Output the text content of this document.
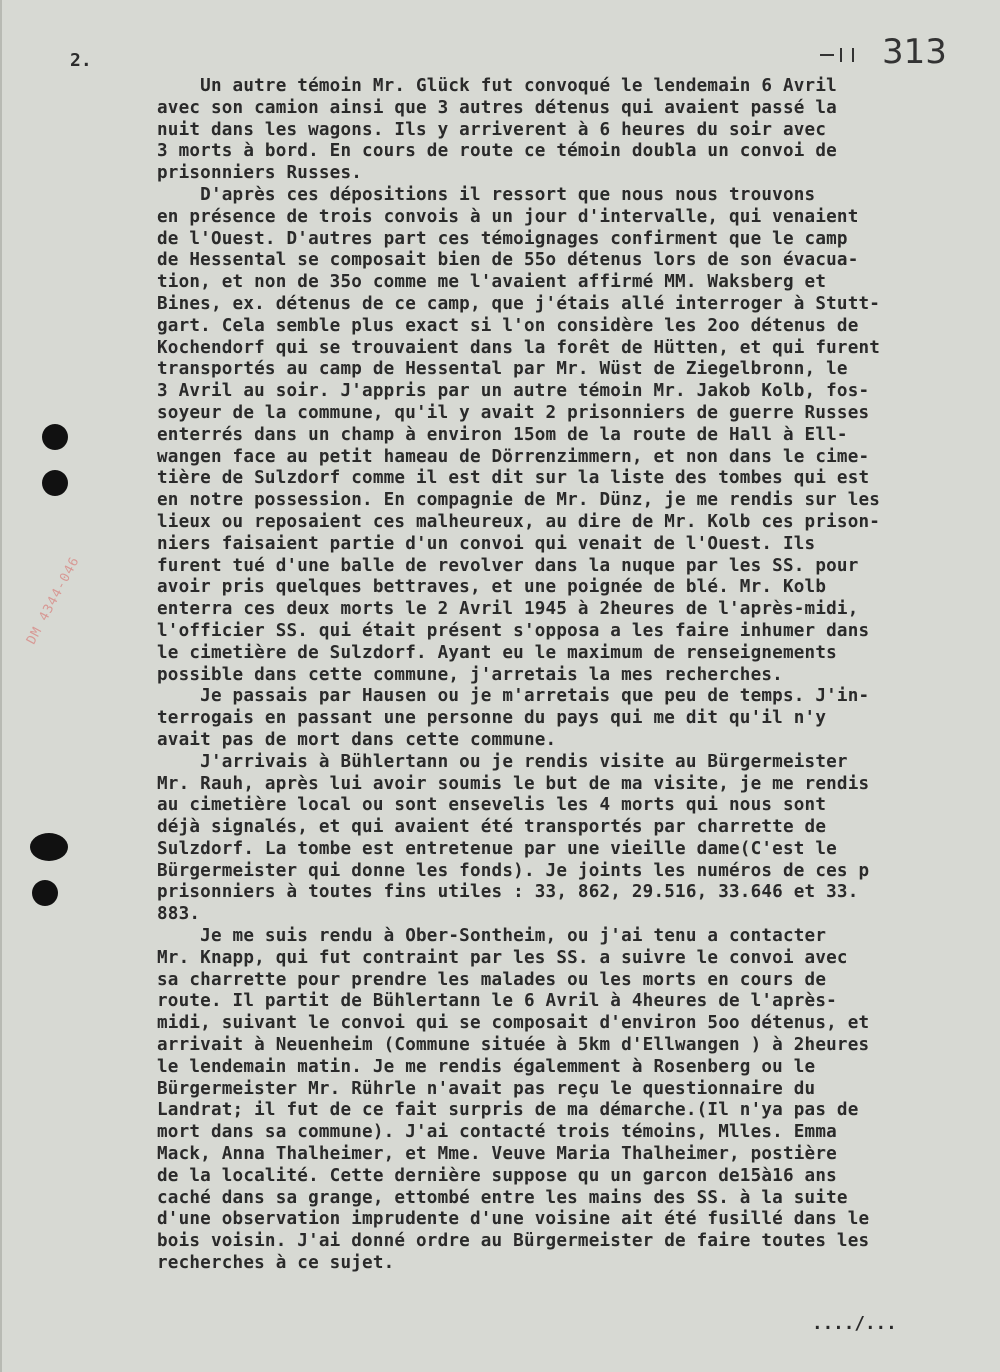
2.	313
DM 4344-046
Un autre témoin Mr. Glück fut convoqué le lendemain 6 Avril
avec son camion ainsi que 3 autres détenus qui avaient passé la
nuit dans les wagons. Ils y arriverent à 6 heures du soir avec
3 morts à bord. En cours de route ce témoin doubla un convoi de
prisonniers Russes.
D'après ces dépositions il ressort que nous nous trouvons
en présence de trois convois à un jour d'intervalle, qui venaient
de l'Ouest. D'autres part ces témoignages confirment que le camp
de Hessental se composait bien de 55o détenus lors de son évacua-
tion, et non de 35o comme me l'avaient affirmé MM. Waksberg et
Bines, ex. détenus de ce camp, que j'étais allé interroger à Stutt-
gart. Cela semble plus exact si l'on considère les 2oo détenus de
Kochendorf qui se trouvaient dans la forêt de Hütten, et qui furent
transportés au camp de Hessental par Mr. Wüst de Ziegelbronn, le
3 Avril au soir. J'appris par un autre témoin Mr. Jakob Kolb, fos-
soyeur de la commune, qu'il y avait 2 prisonniers de guerre Russes
enterrés dans un champ à environ 15om de la route de Hall à Ell-
wangen face au petit hameau de Dörrenzimmern, et non dans le cime-
tière de Sulzdorf comme il est dit sur la liste des tombes qui est
en notre possession. En compagnie de Mr. Dünz, je me rendis sur les
lieux ou reposaient ces malheureux, au dire de Mr. Kolb ces prison-
niers faisaient partie d'un convoi qui venait de l'Ouest. Ils
furent tué d'une balle de revolver dans la nuque par les SS. pour
avoir pris quelques bettraves, et une poignée de blé. Mr. Kolb
enterra ces deux morts le 2 Avril 1945 à 2heures de l'après-midi,
l'officier SS. qui était présent s'opposa a les faire inhumer dans
le cimetière de Sulzdorf. Ayant eu le maximum de renseignements
possible dans cette commune, j'arretais la mes recherches.
Je passais par Hausen ou je m'arretais que peu de temps. J'in-
terrogais en passant une personne du pays qui me dit qu'il n'y
avait pas de mort dans cette commune.
J'arrivais à Bühlertann ou je rendis visite au Bürgermeister
Mr. Rauh, après lui avoir soumis le but de ma visite, je me rendis
au cimetière local ou sont ensevelis les 4 morts qui nous sont
déjà signalés, et qui avaient été transportés par charrette de
Sulzdorf. La tombe est entretenue par une vieille dame(C'est le
Bürgermeister qui donne les fonds). Je joints les numéros de ces p
prisonniers à toutes fins utiles : 33, 862, 29.516, 33.646 et 33.
883.
Je me suis rendu à Ober-Sontheim, ou j'ai tenu a contacter
Mr. Knapp, qui fut contraint par les SS. a suivre le convoi avec
sa charrette pour prendre les malades ou les morts en cours de
route. Il partit de Bühlertann le 6 Avril à 4heures de l'après-
midi, suivant le convoi qui se composait d'environ 5oo détenus, et
arrivait à Neuenheim (Commune située à 5km d'Ellwangen ) à 2heures
le lendemain matin. Je me rendis égalemment à Rosenberg ou le
Bürgermeister Mr. Rührle n'avait pas reçu le questionnaire du
Landrat; il fut de ce fait surpris de ma démarche.(Il n'ya pas de
mort dans sa commune). J'ai contacté trois témoins, Mlles. Emma
Mack, Anna Thalheimer, et Mme. Veuve Maria Thalheimer, postière
de la localité. Cette dernière suppose qu un garcon de15à16 ans
caché dans sa grange, ettombé entre les mains des SS. à la suite
d'une observation imprudente d'une voisine ait été fusillé dans le
bois voisin. J'ai donné ordre au Bürgermeister de faire toutes les
recherches à ce sujet.
..../...
